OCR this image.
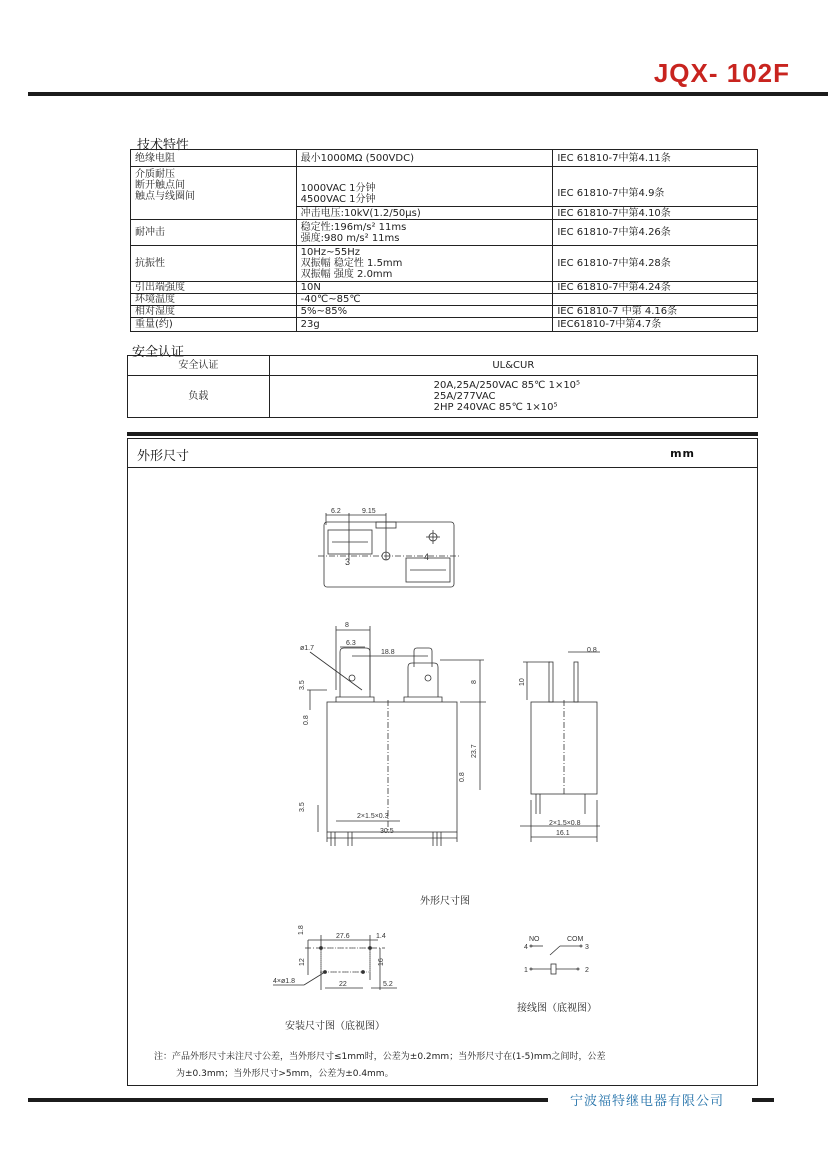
JQX- 102F
技术特性
绝缘电阻	最小1000MΩ (500VDC)	IEC 61810-7中第4.11条

介质耐压
断开触点间
触点与线圈间

1000VAC 1分钟
4500VAC 1分钟
	IEC 61810-7中第4.9条
	冲击电压:10kV(1.2/50μs)	IEC 61810-7中第4.10条
耐冲击	稳定性:196m/s² 11ms
强度:980 m/s² 11ms	IEC 61810-7中第4.26条
抗振性	10Hz~55Hz
双振幅 稳定性 1.5mm
双振幅 强度 2.0mm	IEC 61810-7中第4.28条
引出端强度	10N	IEC 61810-7中第4.24条
环境温度	-40℃~85℃	
相对湿度	5%~85%	IEC 61810-7 中第 4.16条
重量(约)	23g	IEC61810-7中第4.7条
安全认证
安全认证	UL&CUR
负载	20A,25A/250VAC 85℃ 1×10⁵
25A/277VAC
2HP 240VAC 85℃ 1×10⁵
外形尺寸	mm
6.2	9.15
3	4
8
6.3
18.8
ø1.7
3.5
0.8
8
23.7
0.8
3.5
2×1.5×0.3
30.5
0.8
10
2×1.5×0.8
16.1
27.6	1.4
1.8
12	16
4×ø1.8	22	5.2
NO	COM
4	3
1	2
外形尺寸图
安装尺寸图（底视图）
接线图（底视图）
注：产品外形尺寸未注尺寸公差，当外形尺寸≤1mm时，公差为±0.2mm；当外形尺寸在(1-5)mm之间时，公差
为±0.3mm；当外形尺寸>5mm，公差为±0.4mm。
宁波福特继电器有限公司
